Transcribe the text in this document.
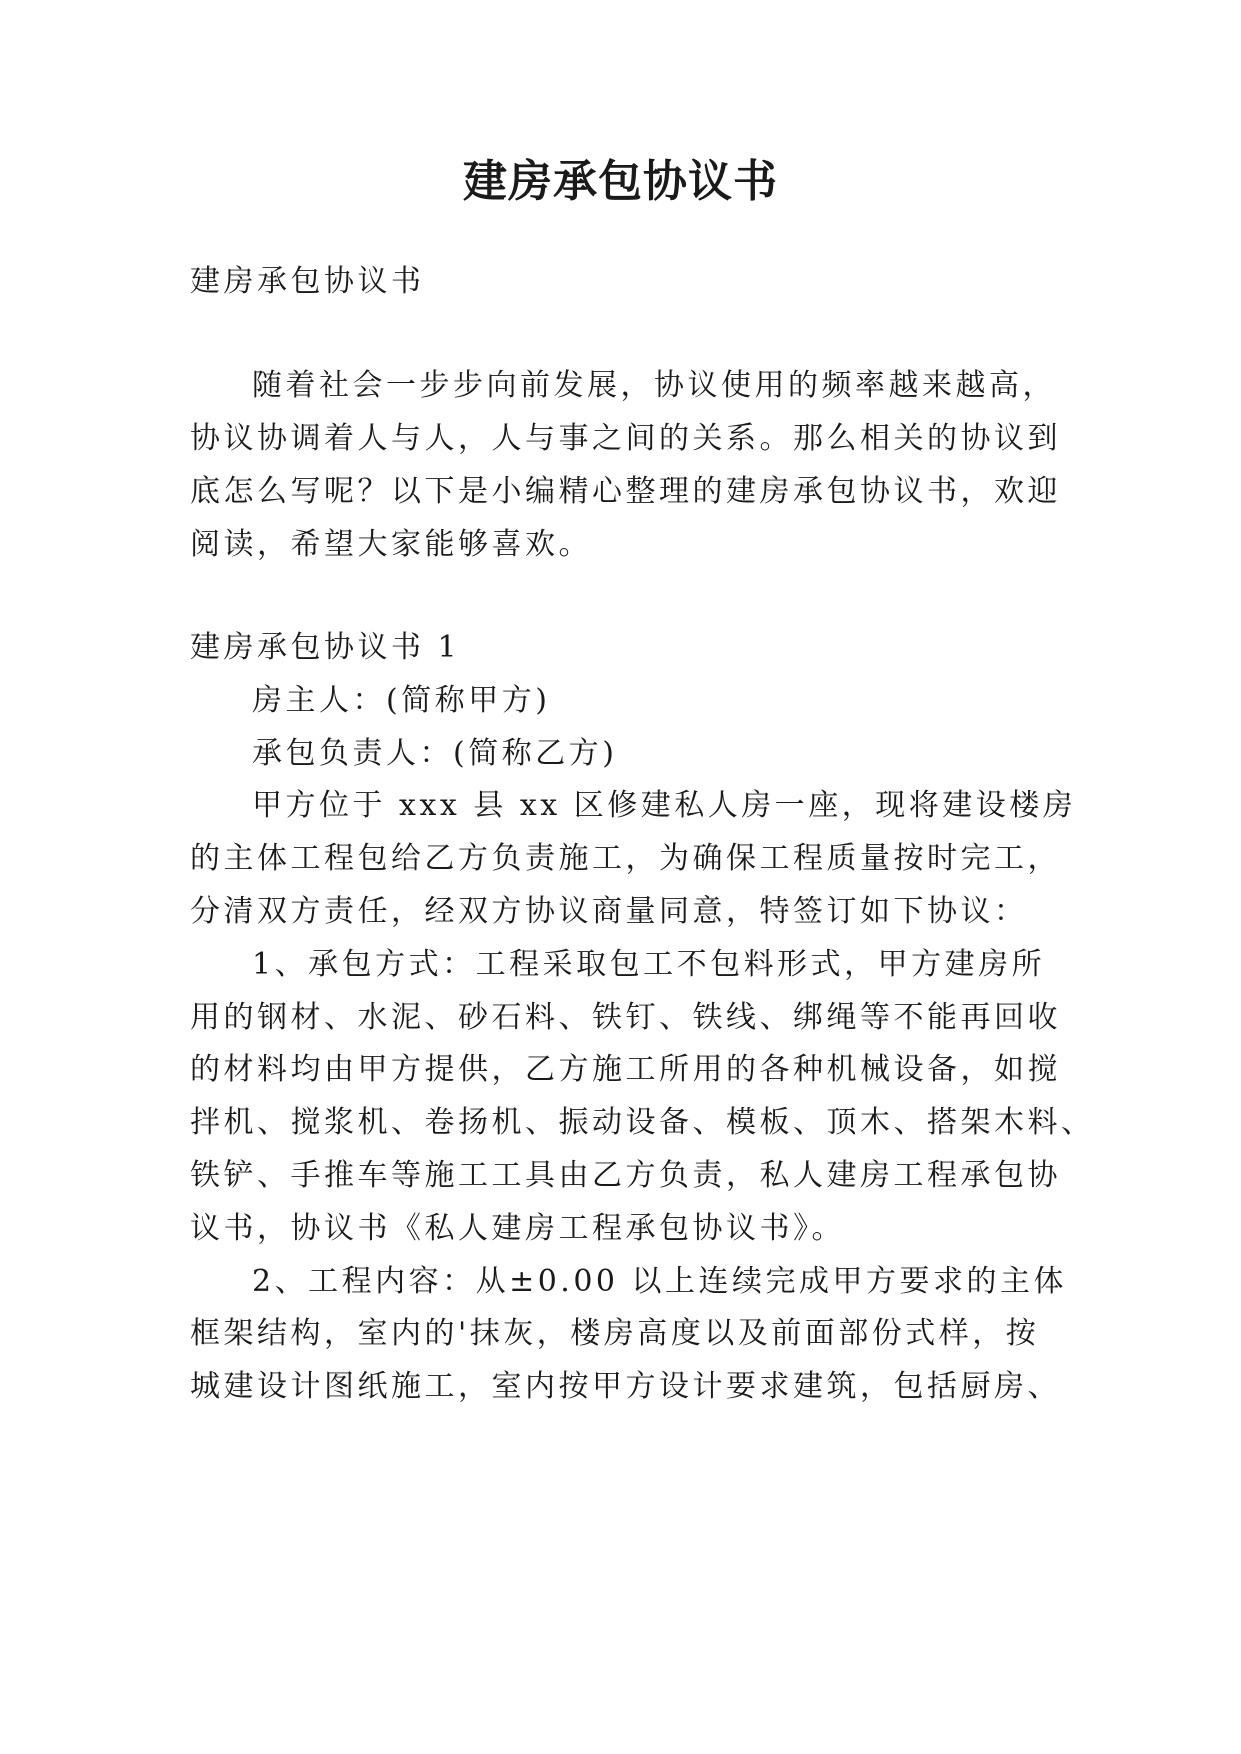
建房承包协议书

建房承包协议书

随着社会一步步向前发展，协议使用的频率越来越高，

协议协调着人与人，人与事之间的关系。那么相关的协议到

底怎么写呢？以下是小编精心整理的建房承包协议书，欢迎

阅读，希望大家能够喜欢。

建房承包协议书 1

房主人：(简称甲方)

承包负责人：(简称乙方)

甲方位于 xxx 县 xx 区修建私人房一座，现将建设楼房

的主体工程包给乙方负责施工，为确保工程质量按时完工，

分清双方责任，经双方协议商量同意，特签订如下协议：

1、承包方式：工程采取包工不包料形式，甲方建房所

用的钢材、水泥、砂石料、铁钉、铁线、绑绳等不能再回收

的材料均由甲方提供，乙方施工所用的各种机械设备，如搅

拌机、搅浆机、卷扬机、振动设备、模板、顶木、搭架木料、

铁铲、手推车等施工工具由乙方负责，私人建房工程承包协

议书，协议书《私人建房工程承包协议书》。

2、工程内容：从±0.00 以上连续完成甲方要求的主体

框架结构，室内的'抹灰，楼房高度以及前面部份式样，按

城建设计图纸施工，室内按甲方设计要求建筑，包括厨房、
